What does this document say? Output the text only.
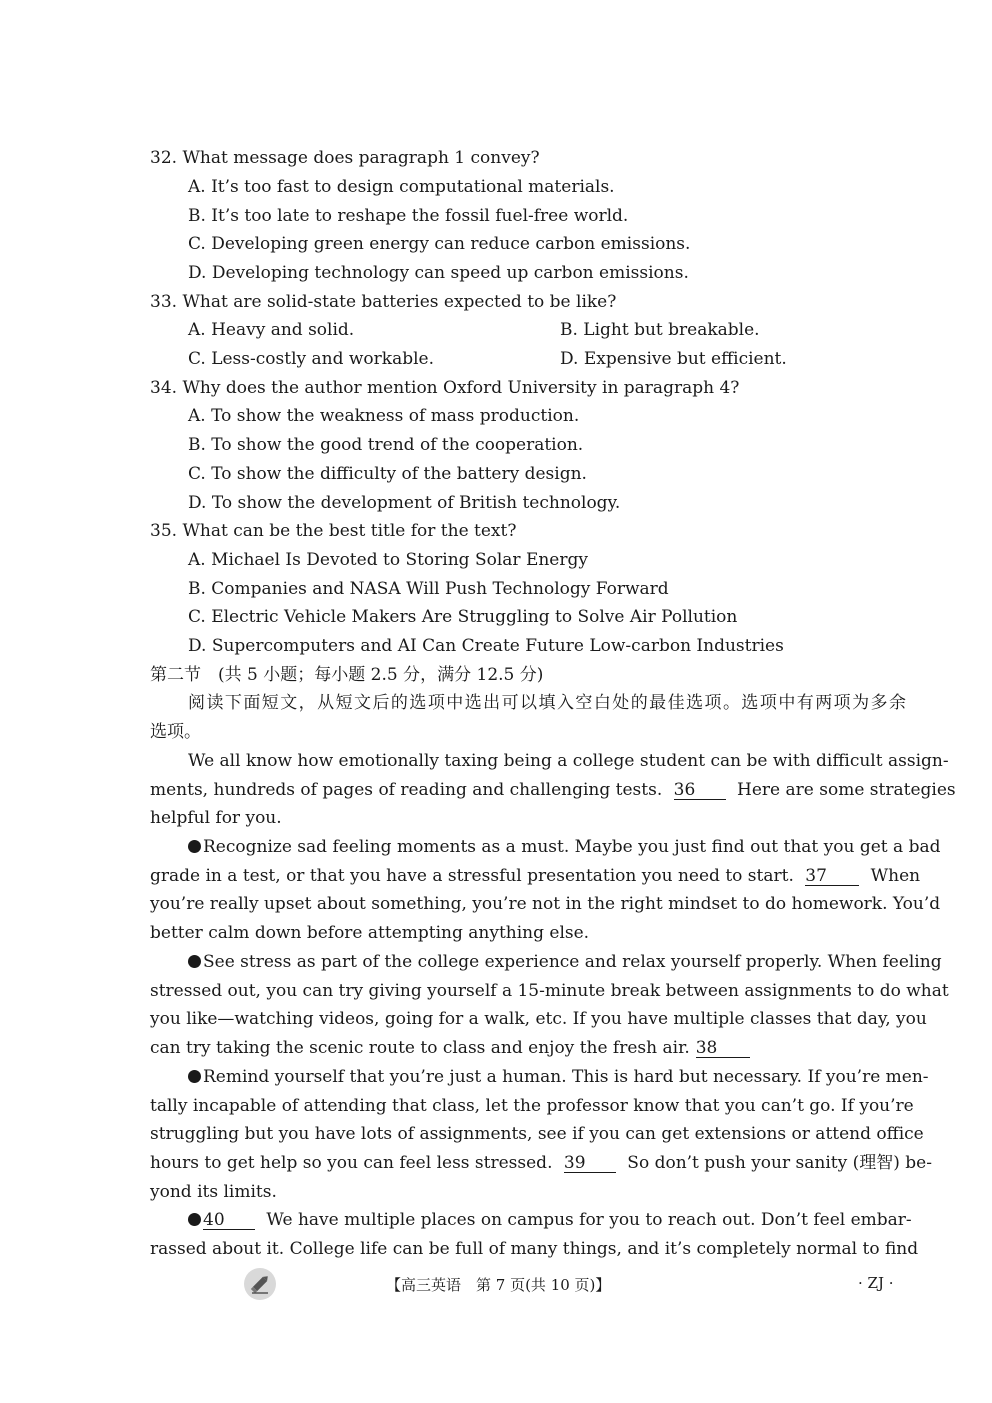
32. What message does paragraph 1 convey?
A. It’s too fast to design computational materials.
B. It’s too late to reshape the fossil fuel-free world.
C. Developing green energy can reduce carbon emissions.
D. Developing technology can speed up carbon emissions.
33. What are solid-state batteries expected to be like?
A. Heavy and solid.	B. Light but breakable.
C. Less-costly and workable.	D. Expensive but efficient.
34. Why does the author mention Oxford University in paragraph 4?
A. To show the weakness of mass production.
B. To show the good trend of the cooperation.
C. To show the difficulty of the battery design.
D. To show the development of British technology.
35. What can be the best title for the text?
A. Michael Is Devoted to Storing Solar Energy
B. Companies and NASA Will Push Technology Forward
C. Electric Vehicle Makers Are Struggling to Solve Air Pollution
D. Supercomputers and AI Can Create Future Low-carbon Industries
第二节　(共 5 小题；每小题 2.5 分，满分 12.5 分)
阅读下面短文，从短文后的选项中选出可以填入空白处的最佳选项。选项中有两项为多余
选项。
We all know how emotionally taxing being a college student can be with difficult assign-
ments, hundreds of pages of reading and challenging tests. 36 Here are some strategies
helpful for you.
Recognize sad feeling moments as a must. Maybe you just find out that you get a bad
grade in a test, or that you have a stressful presentation you need to start. 37	When
you’re really upset about something, you’re not in the right mindset to do homework. You’d
better calm down before attempting anything else.
See stress as part of the college experience and relax yourself properly. When feeling
stressed out, you can try giving yourself a 15-minute break between assignments to do what
you like—watching videos, going for a walk, etc. If you have multiple classes that day, you
can try taking the scenic route to class and enjoy the fresh air. 38
Remind yourself that you’re just a human. This is hard but necessary. If you’re men-
tally incapable of attending that class, let the professor know that you can’t go. If you’re
struggling but you have lots of assignments, see if you can get extensions or attend office
hours to get help so you can feel less stressed. 39 So don’t push your sanity (理智) be-
yond its limits.
40 We have multiple places on campus for you to reach out. Don’t feel embar-
rassed about it. College life can be full of many things, and it’s completely normal to find
【高三英语　第 7 页(共 10 页)】	· ZJ ·
